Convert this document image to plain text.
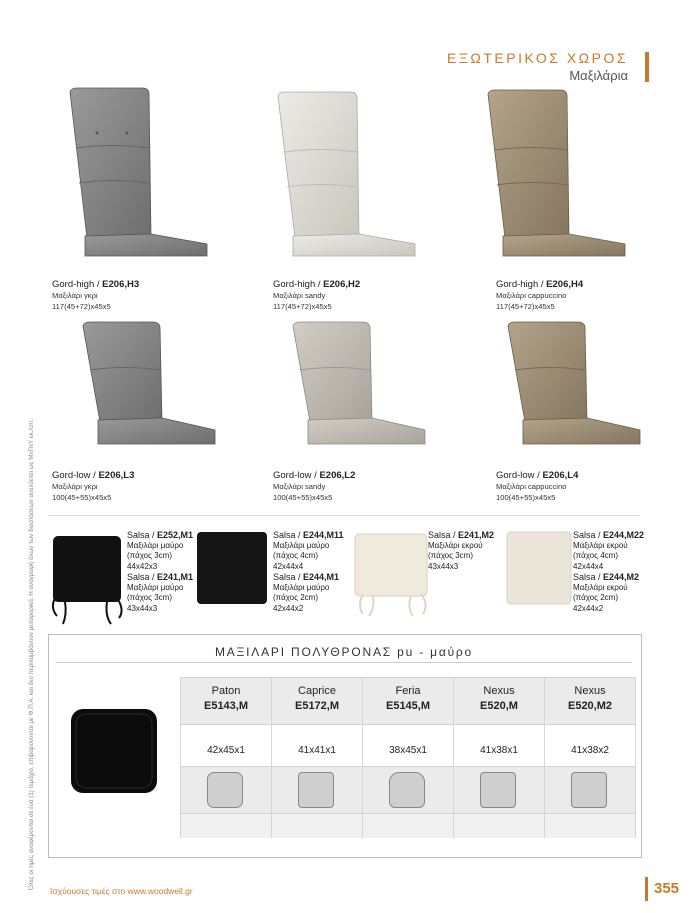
ΕΞΩΤΕΡΙΚΟΣ ΧΩΡΟΣ
Μαξιλάρια
Όλες οι τιμές αναφέρονται σε ένα (1) τεμάχιο, επιβαρύνονται με Φ.Π.Α. και δεν περιλαμβάνουν μεταφορικά. Η αναγραφή όλων των διαστάσεων αναλύεται ως ΜxΠxΥ εκ./cm.
Gord-high / E206,H3
Μαξιλάρι γκρι
117(45+72)x45x5
Gord-high / E206,H2
Μαξιλάρι sandy
117(45+72)x45x5
Gord-high / E206,H4
Μαξιλάρι cappuccino
117(45+72)x45x5
Gord-low / E206,L3
Μαξιλάρι γκρι
100(45+55)x45x5
Gord-low / E206,L2
Μαξιλάρι sandy
100(45+55)x45x5
Gord-low / E206,L4
Μαξιλάρι cappuccino
100(45+55)x45x5
Salsa / E252,M1
Μαξιλάρι μαύρο
(πάχος 3cm)
44x42x3
Salsa / E241,M1
Μαξιλάρι μαύρο
(πάχος 3cm)
43x44x3
Salsa / E244,M11
Μαξιλάρι μαύρο
(πάχος 4cm)
42x44x4
Salsa / E244,M1
Μαξιλάρι μαύρο
(πάχος 2cm)
42x44x2
Salsa / E241,M2
Μαξιλάρι εκρού
(πάχος 3cm)
43x44x3
Salsa / E244,M22
Μαξιλάρι εκρού
(πάχος 4cm)
42x44x4
Salsa / E244,M2
Μαξιλάρι εκρού
(πάχος 2cm)
42x44x2
ΜΑΞΙΛΑΡΙ ΠΟΛΥΘΡΟΝΑΣ pu - μαύρο
Paton
E5143,M
42x45x1
Caprice
E5172,M
41x41x1
Feria
E5145,M
38x45x1
Nexus
E520,M
41x38x1
Nexus
E520,M2
41x38x2
Ισχύουσες τιμές στο www.woodwell.gr	355
